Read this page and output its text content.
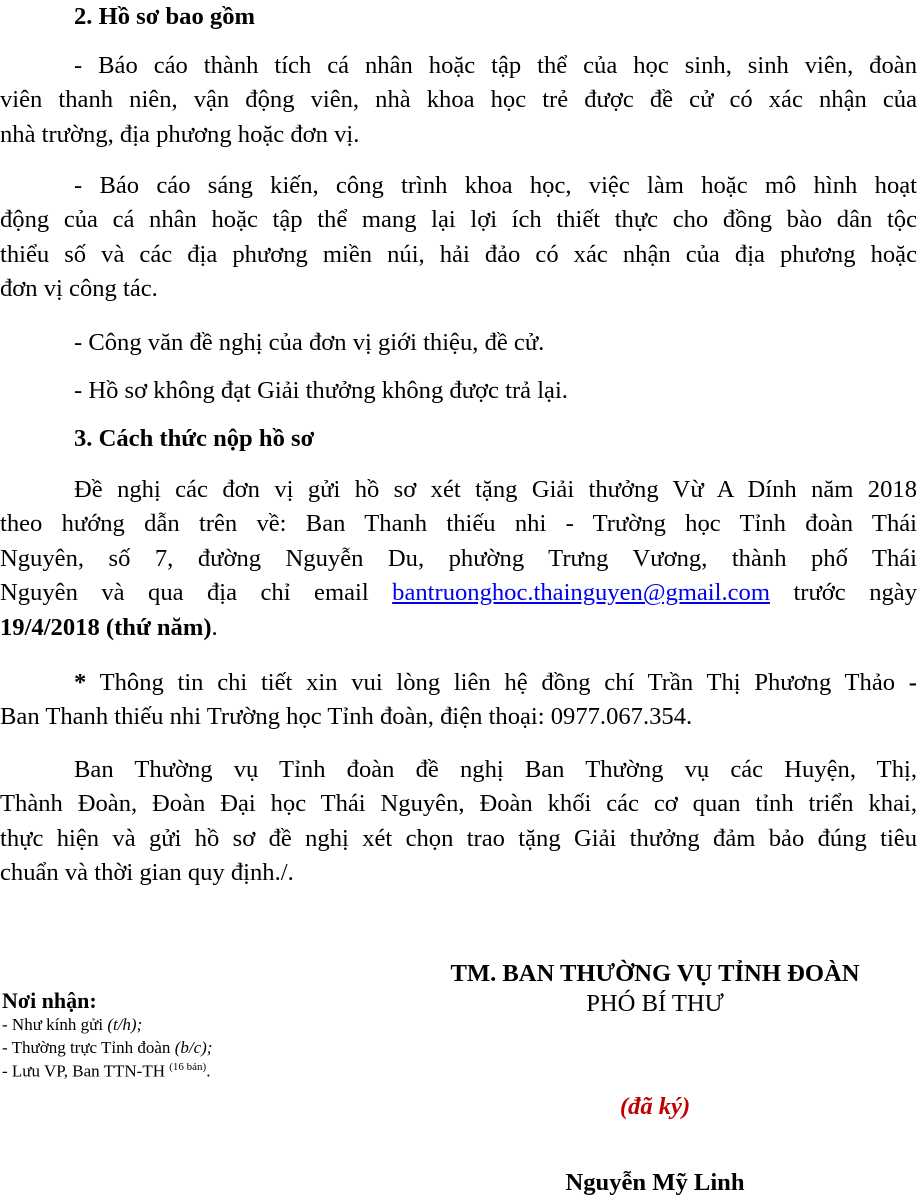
2. Hồ sơ bao gồm

- Báo cáo thành tích cá nhân hoặc tập thể của học sinh, sinh viên, đoàn
viên thanh niên, vận động viên, nhà khoa học trẻ được đề cử có xác nhận của
nhà trường, địa phương hoặc đơn vị.

- Báo cáo sáng kiến, công trình khoa học, việc làm hoặc mô hình hoạt
động của cá nhân hoặc tập thể mang lại lợi ích thiết thực cho đồng bào dân tộc
thiểu số và các địa phương miền núi, hải đảo có xác nhận của địa phương hoặc
đơn vị công tác.

- Công văn đề nghị của đơn vị giới thiệu, đề cử.

- Hồ sơ không đạt Giải thưởng không được trả lại.

3. Cách thức nộp hồ sơ

Đề nghị các đơn vị gửi hồ sơ xét tặng Giải thưởng Vừ A Dính năm 2018
theo hướng dẫn trên về: Ban Thanh thiếu nhi - Trường học Tỉnh đoàn Thái
Nguyên, số 7, đường Nguyễn Du, phường Trưng Vương, thành phố Thái
Nguyên và qua địa chỉ email bantruonghoc.thainguyen@gmail.com trước ngày
19/4/2018 (thứ năm).

* Thông tin chi tiết xin vui lòng liên hệ đồng chí Trần Thị Phương Thảo -
Ban Thanh thiếu nhi Trường học Tỉnh đoàn, điện thoại: 0977.067.354.

Ban Thường vụ Tỉnh đoàn đề nghị Ban Thường vụ các Huyện, Thị,
Thành Đoàn, Đoàn Đại học Thái Nguyên, Đoàn khối các cơ quan tỉnh triển khai,
thực hiện và gửi hồ sơ đề nghị xét chọn trao tặng Giải thưởng đảm bảo đúng tiêu
chuẩn và thời gian quy định./.

Nơi nhận:
- Như kính gửi (t/h);
- Thường trực Tỉnh đoàn (b/c);
- Lưu VP, Ban TTN-TH $^{(16 bản)}$.
TM. BAN THƯỜNG VỤ TỈNH ĐOÀN
PHÓ BÍ THƯ
(đã ký)
Nguyễn Mỹ Linh
